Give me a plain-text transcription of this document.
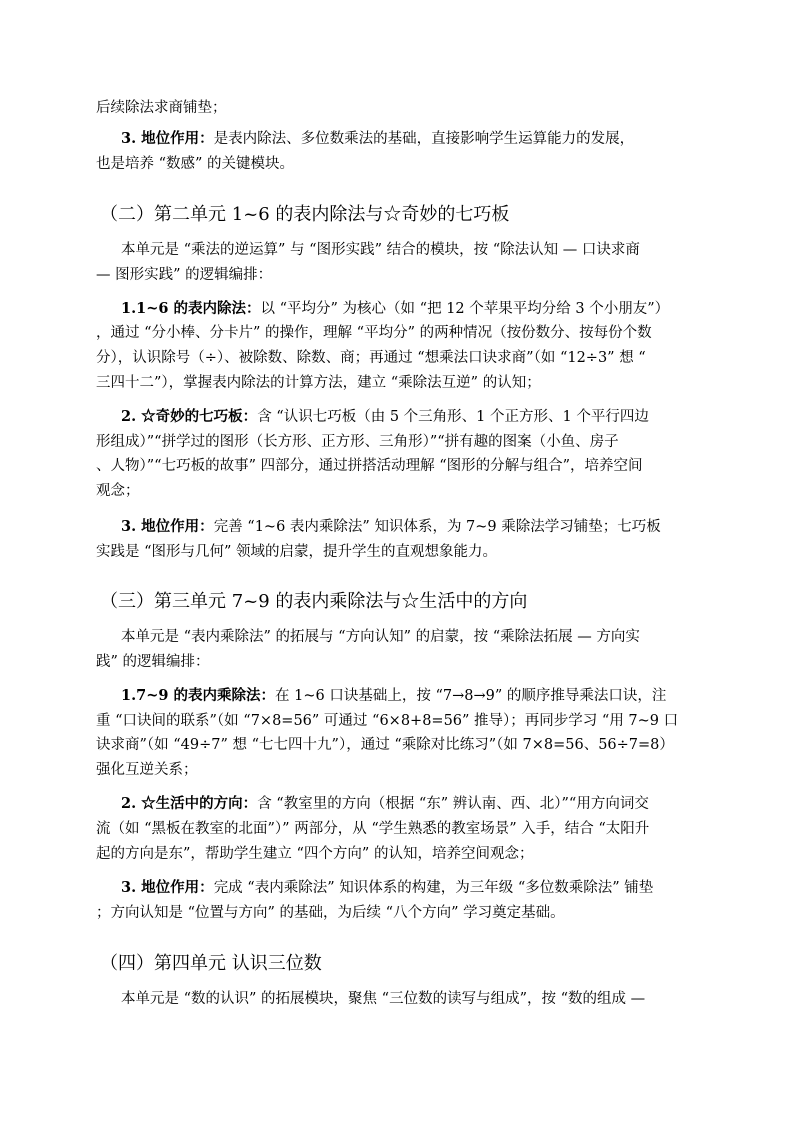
后续除法求商铺垫；
3. 地位作用：是表内除法、多位数乘法的基础，直接影响学生运算能力的发展，
也是培养 “数感” 的关键模块。
（二）第二单元 1~6 的表内除法与☆奇妙的七巧板
本单元是 “乘法的逆运算” 与 “图形实践” 结合的模块，按 “除法认知 — 口诀求商
— 图形实践” 的逻辑编排：
1.1~6 的表内除法：以 “平均分” 为核心（如 “把 12 个苹果平均分给 3 个小朋友”）
，通过 “分小棒、分卡片” 的操作，理解 “平均分” 的两种情况（按份数分、按每份个数
分），认识除号（÷）、被除数、除数、商；再通过 “想乘法口诀求商”（如 “12÷3” 想 “
三四十二”），掌握表内除法的计算方法，建立 “乘除法互逆” 的认知；
2. ☆奇妙的七巧板：含 “认识七巧板（由 5 个三角形、1 个正方形、1 个平行四边
形组成）”“拼学过的图形（长方形、正方形、三角形）”“拼有趣的图案（小鱼、房子
、人物）”“七巧板的故事” 四部分，通过拼搭活动理解 “图形的分解与组合”，培养空间
观念；
3. 地位作用：完善 “1~6 表内乘除法” 知识体系，为 7~9 乘除法学习铺垫；七巧板
实践是 “图形与几何” 领域的启蒙，提升学生的直观想象能力。
（三）第三单元 7~9 的表内乘除法与☆生活中的方向
本单元是 “表内乘除法” 的拓展与 “方向认知” 的启蒙，按 “乘除法拓展 — 方向实
践” 的逻辑编排：
1.7~9 的表内乘除法：在 1~6 口诀基础上，按 “7→8→9” 的顺序推导乘法口诀，注
重 “口诀间的联系”（如 “7×8=56” 可通过 “6×8+8=56” 推导）；再同步学习 “用 7~9 口
诀求商”（如 “49÷7” 想 “七七四十九”），通过 “乘除对比练习”（如 7×8=56、56÷7=8）
强化互逆关系；
2. ☆生活中的方向：含 “教室里的方向（根据 “东” 辨认南、西、北）”“用方向词交
流（如 “黑板在教室的北面”）” 两部分，从 “学生熟悉的教室场景” 入手，结合 “太阳升
起的方向是东”，帮助学生建立 “四个方向” 的认知，培养空间观念；
3. 地位作用：完成 “表内乘除法” 知识体系的构建，为三年级 “多位数乘除法” 铺垫
；方向认知是 “位置与方向” 的基础，为后续 “八个方向” 学习奠定基础。
（四）第四单元 认识三位数
本单元是 “数的认识” 的拓展模块，聚焦 “三位数的读写与组成”，按 “数的组成 —
